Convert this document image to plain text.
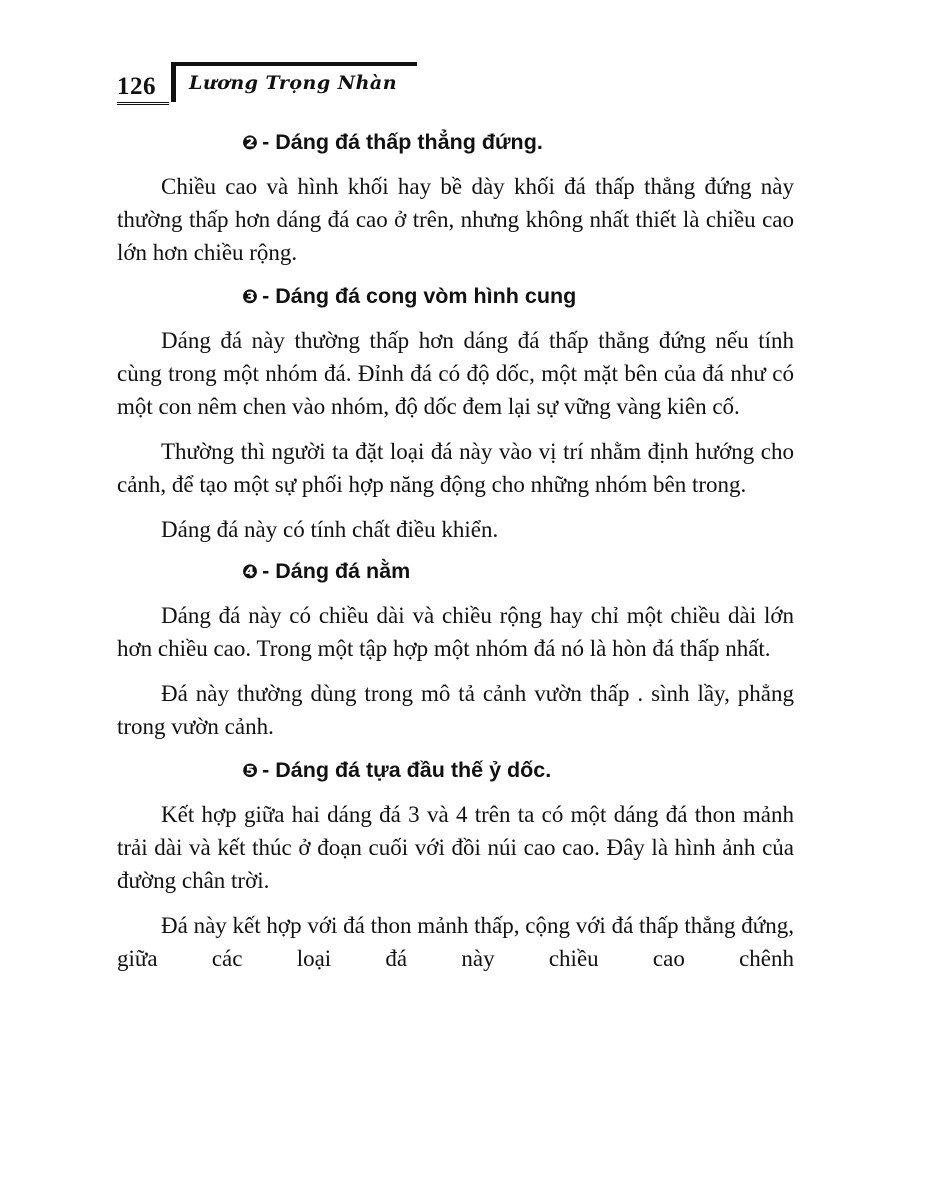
126	Lương Trọng Nhàn
❷ - Dáng đá thấp thẳng đứng.

Chiều cao và hình khối hay bề dày khối đá thấp thẳng đứng này thường thấp hơn dáng đá cao ở trên, nhưng không nhất thiết là chiều cao lớn hơn chiều rộng.

❸ - Dáng đá cong vòm hình cung

Dáng đá này thường thấp hơn dáng đá thấp thẳng đứng nếu tính cùng trong một nhóm đá. Đỉnh đá có độ dốc, một mặt bên của đá như có một con nêm chen vào nhóm, độ dốc đem lại sự vững vàng kiên cố.

Thường thì người ta đặt loại đá này vào vị trí nhằm định hướng cho cảnh, để tạo một sự phối hợp năng động cho những nhóm bên trong.

Dáng đá này có tính chất điều khiển.

❹ - Dáng đá nằm

Dáng đá này có chiều dài và chiều rộng hay chỉ một chiều dài lớn hơn chiều cao. Trong một tập hợp một nhóm đá nó là hòn đá thấp nhất.

Đá này thường dùng trong mô tả cảnh vườn thấp . sình lầy, phẳng trong vườn cảnh.

❺ - Dáng đá tựa đầu thế ỷ dốc.

Kết hợp giữa hai dáng đá 3 và 4 trên ta có một dáng đá thon mảnh trải dài và kết thúc ở đoạn cuối với đồi núi cao cao. Đây là hình ảnh của đường chân trời.

Đá này kết hợp với đá thon mảnh thấp, cộng với đá thấp thẳng đứng, giữa các loại đá này chiều cao chênh
